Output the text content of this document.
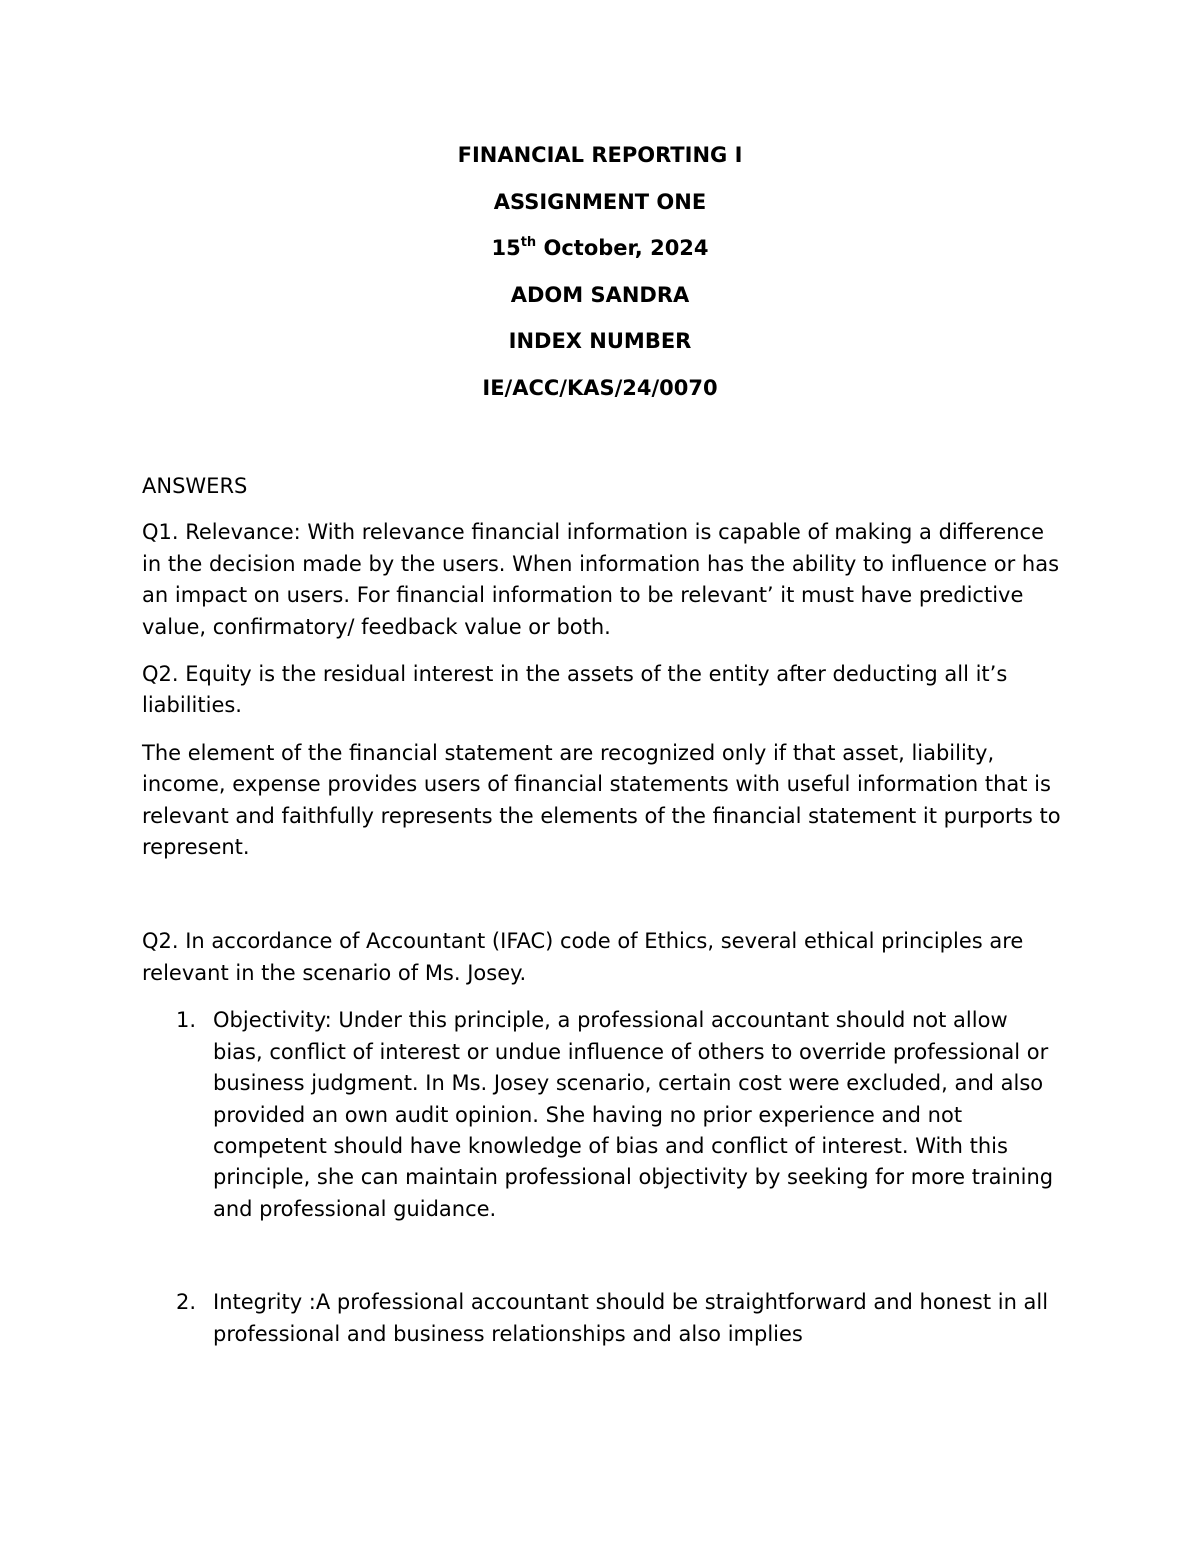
FINANCIAL REPORTING I
ASSIGNMENT ONE
15th October, 2024
ADOM SANDRA
INDEX NUMBER
IE/ACC/KAS/24/0070
ANSWERS
Q1. Relevance: With relevance financial information is capable of making a difference in the decision made by the users. When information has the ability to influence or has an impact on users. For financial information to be relevant’ it must have predictive value, confirmatory/ feedback value or both.
Q2. Equity is the residual interest in the assets of the entity after deducting all it’s liabilities.
The element of the financial statement are recognized only if that asset, liability, income, expense provides users of financial statements with useful information that is relevant and faithfully represents the elements of the financial statement it purports to represent.
Q2. In accordance of Accountant (IFAC) code of Ethics, several ethical principles are relevant in the scenario of Ms. Josey.
1. Objectivity: Under this principle, a professional accountant should not allow bias, conflict of interest or undue influence of others to override professional or business judgment. In Ms. Josey scenario, certain cost were excluded, and also provided an own audit opinion. She having no prior experience and not competent should have knowledge of bias and conflict of interest. With this principle, she can maintain professional objectivity by seeking for more training and professional guidance.
2. Integrity :A professional accountant should be straightforward and honest in all professional and business relationships and also implies
